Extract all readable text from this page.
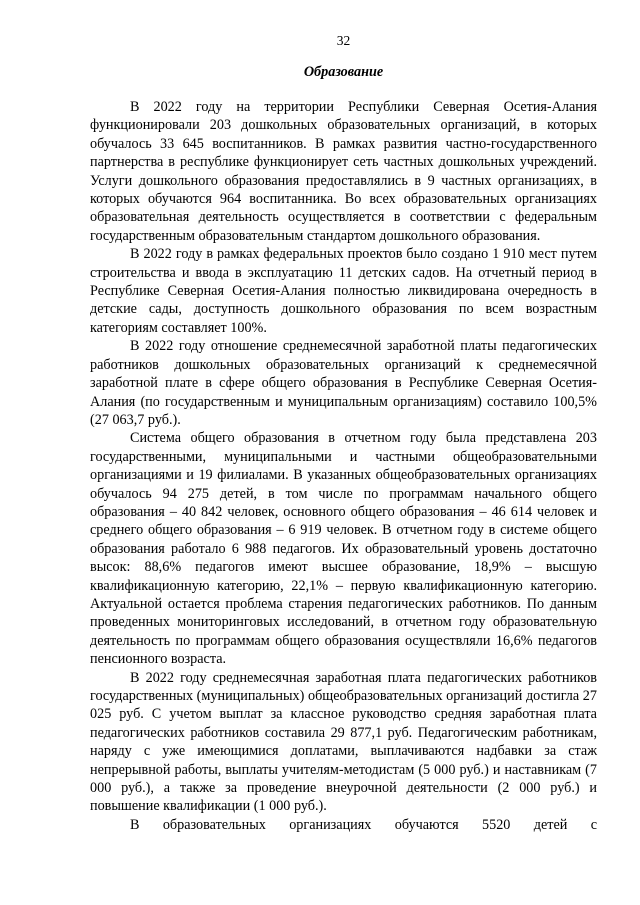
32

Образование

В 2022 году на территории Республики Северная Осетия-Алания функционировали 203 дошкольных образовательных организаций, в которых обучалось 33 645 воспитанников. В рамках развития частно-государственного партнерства в республике функционирует сеть частных дошкольных учреждений. Услуги дошкольного образования предоставлялись в 9 частных организациях, в которых обучаются 964 воспитанника. Во всех образовательных организациях образовательная деятельность осуществляется в соответствии с федеральным государственным образовательным стандартом дошкольного образования.

В 2022 году в рамках федеральных проектов было создано 1 910 мест путем строительства и ввода в эксплуатацию 11 детских садов. На отчетный период в Республике Северная Осетия-Алания полностью ликвидирована очередность в детские сады, доступность дошкольного образования по всем возрастным категориям составляет 100%.

В 2022 году отношение среднемесячной заработной платы педагогических работников дошкольных образовательных организаций к среднемесячной заработной плате в сфере общего образования в Республике Северная Осетия-Алания (по государственным и муниципальным организациям) составило 100,5% (27 063,7 руб.).

Система общего образования в отчетном году была представлена 203 государственными, муниципальными и частными общеобразовательными организациями и 19 филиалами. В указанных общеобразовательных организациях обучалось 94 275 детей, в том числе по программам начального общего образования – 40 842 человек, основного общего образования – 46 614 человек и среднего общего образования – 6 919 человек. В отчетном году в системе общего образования работало 6 988 педагогов. Их образовательный уровень достаточно высок: 88,6% педагогов имеют высшее образование, 18,9% – высшую квалификационную категорию, 22,1% – первую квалификационную категорию. Актуальной остается проблема старения педагогических работников. По данным проведенных мониторинговых исследований, в отчетном году образовательную деятельность по программам общего образования осуществляли 16,6% педагогов пенсионного возраста.

В 2022 году среднемесячная заработная плата педагогических работников государственных (муниципальных) общеобразовательных организаций достигла 27 025 руб. С учетом выплат за классное руководство средняя заработная плата педагогических работников составила 29 877,1 руб. Педагогическим работникам, наряду с уже имеющимися доплатами, выплачиваются надбавки за стаж непрерывной работы, выплаты учителям-методистам (5 000 руб.) и наставникам (7 000 руб.), а также за проведение внеурочной деятельности (2 000 руб.) и повышение квалификации (1 000 руб.).

В образовательных организациях обучаются 5520 детей с
